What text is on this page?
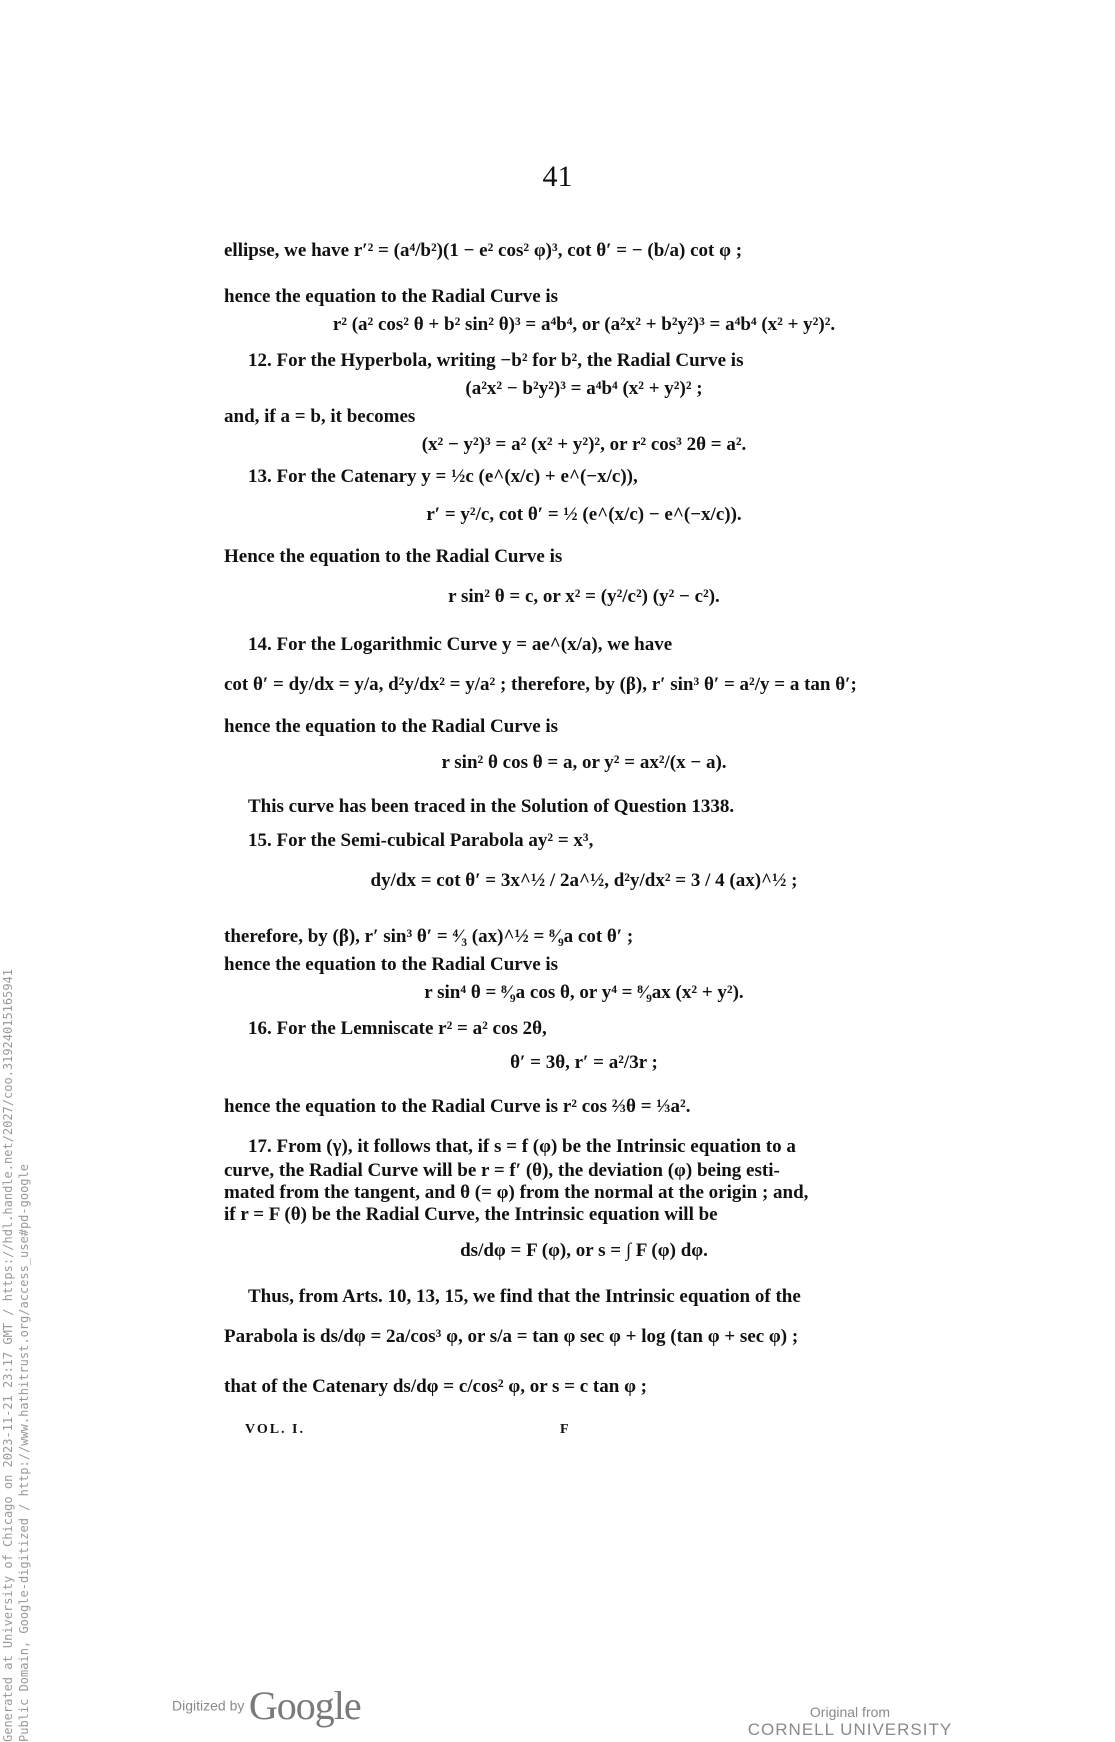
41
ellipse, we have r′² = (a⁴/b²)(1 − e² cos² φ)³, cot θ′ = − (b/a) cot φ ;
hence the equation to the Radial Curve is
r² (a² cos² θ + b² sin² θ)³ = a⁴b⁴, or (a²x² + b²y²)³ = a⁴b⁴ (x² + y²)².
12. For the Hyperbola, writing −b² for b², the Radial Curve is
(a²x² − b²y²)³ = a⁴b⁴ (x² + y²)² ;
and, if a = b, it becomes
(x² − y²)³ = a² (x² + y²)², or r² cos³ 2θ = a².
13. For the Catenary y = ½c (e^(x/c) + e^(−x/c)),
r′ = y²/c, cot θ′ = ½ (e^(x/c) − e^(−x/c)).
Hence the equation to the Radial Curve is
r sin² θ = c, or x² = (y²/c²) (y² − c²).
14. For the Logarithmic Curve y = ae^(x/a), we have
cot θ′ = dy/dx = y/a, d²y/dx² = y/a² ; therefore, by (β), r′ sin³ θ′ = a²/y = a tan θ′;
hence the equation to the Radial Curve is
r sin² θ cos θ = a, or y² = ax²/(x − a).
This curve has been traced in the Solution of Question 1338.
15. For the Semi-cubical Parabola ay² = x³,
dy/dx = cot θ′ = 3x^½ / 2a^½, d²y/dx² = 3 / 4 (ax)^½ ;
therefore, by (β), r′ sin³ θ′ = ⁴⁄₃ (ax)^½ = ⁸⁄₉a cot θ′ ;
hence the equation to the Radial Curve is
r sin⁴ θ = ⁸⁄₉a cos θ, or y⁴ = ⁸⁄₉ax (x² + y²).
16. For the Lemniscate r² = a² cos 2θ,
θ′ = 3θ, r′ = a²/3r ;
hence the equation to the Radial Curve is r² cos ⅔θ = ⅓a².
17. From (γ), it follows that, if s = f (φ) be the Intrinsic equation to a
curve, the Radial Curve will be r = f′ (θ), the deviation (φ) being esti-
mated from the tangent, and θ (= φ) from the normal at the origin ; and,
if r = F (θ) be the Radial Curve, the Intrinsic equation will be
ds/dφ = F (φ), or s = ∫ F (φ) dφ.
Thus, from Arts. 10, 13, 15, we find that the Intrinsic equation of the
Parabola is ds/dφ = 2a/cos³ φ, or s/a = tan φ sec φ + log (tan φ + sec φ) ;
that of the Catenary ds/dφ = c/cos² φ, or s = c tan φ ;
VOL. I.	F
Generated at University of Chicago on 2023-11-21 23:17 GMT / https://hdl.handle.net/2027/coo.31924015165941 Public Domain, Google-digitized / http://www.hathitrust.org/access_use#pd-google	Digitized by Google	Original from
CORNELL UNIVERSITY
